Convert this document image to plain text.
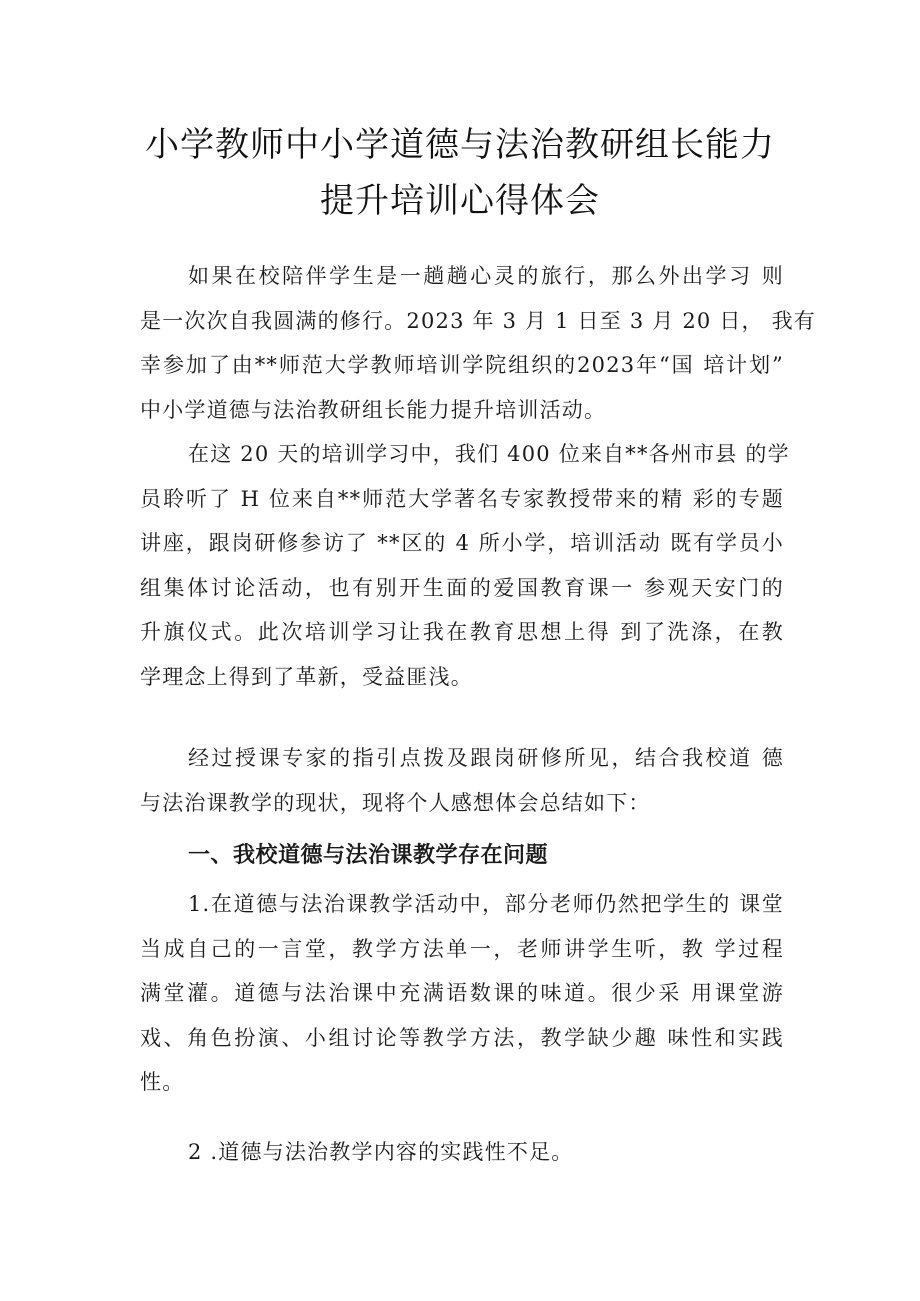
小学教师中小学道德与法治教研组长能力
提升培训心得体会
如果在校陪伴学生是一趟趟心灵的旅行，那么外出学习 则
是一次次自我圆满的修行。2023 年 3 月 1 日至 3 月 20 日， 我有
幸参加了由**师范大学教师培训学院组织的2023年“国 培计划”
中小学道德与法治教研组长能力提升培训活动。
在这 20 天的培训学习中，我们 400 位来自**各州市县 的学
员聆听了 H 位来自**师范大学著名专家教授带来的精 彩的专题
讲座，跟岗研修参访了 **区的 4 所小学，培训活动 既有学员小
组集体讨论活动，也有别开生面的爱国教育课一 参观天安门的
升旗仪式。此次培训学习让我在教育思想上得 到了洗涤，在教
学理念上得到了革新，受益匪浅。
经过授课专家的指引点拨及跟岗研修所见，结合我校道 德
与法治课教学的现状，现将个人感想体会总结如下：
一、我校道德与法治课教学存在问题
1.在道德与法治课教学活动中，部分老师仍然把学生的 课堂
当成自己的一言堂，教学方法单一，老师讲学生听，教 学过程
满堂灌。道德与法治课中充满语数课的味道。很少采 用课堂游
戏、角色扮演、小组讨论等教学方法，教学缺少趣 味性和实践
性。
2 .道德与法治教学内容的实践性不足。
